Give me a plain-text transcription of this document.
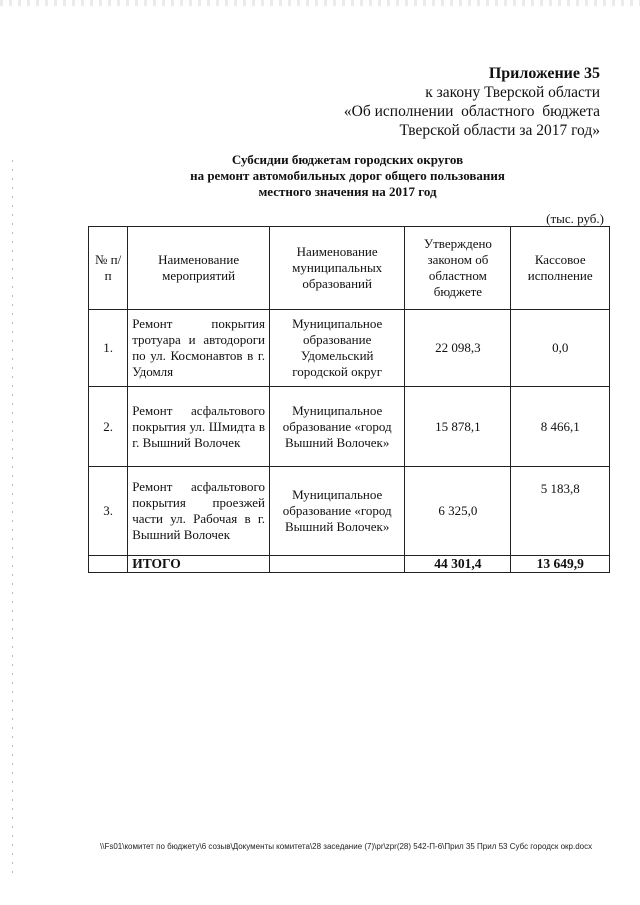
Приложение 35
к закону Тверской области
«Об исполнении  областного  бюджета
Тверской области за 2017 год»
Субсидии бюджетам городских округов
на ремонт автомобильных дорог общего пользования
местного значения на 2017 год
(тыс. руб.)
№ п/п	Наименование мероприятий	Наименование муниципальных образований	Утверждено законом об областном бюджете	Кассовое исполнение
1.	Ремонт покрытия тротуара и автодороги по ул. Космонавтов в г. Удомля	Муниципальное образование Удомельский городской округ	22 098,3	0,0
2.	Ремонт асфальтового покрытия ул. Шмидта в г. Вышний Волочек	Муниципальное образование «город Вышний Волочек»	15 878,1	8 466,1
3.	Ремонт асфальтового покрытия проезжей части ул. Рабочая в г. Вышний Волочек	Муниципальное образование «город Вышний Волочек»	6 325,0	5 183,8
	ИТОГО		44 301,4	13 649,9
\\Fs01\комитет по бюджету\6 созыв\Документы комитета\28 заседание (7)\pr\zpr(28) 542-П-6\Прил 35 Прил 53 Субс городск окр.docx
